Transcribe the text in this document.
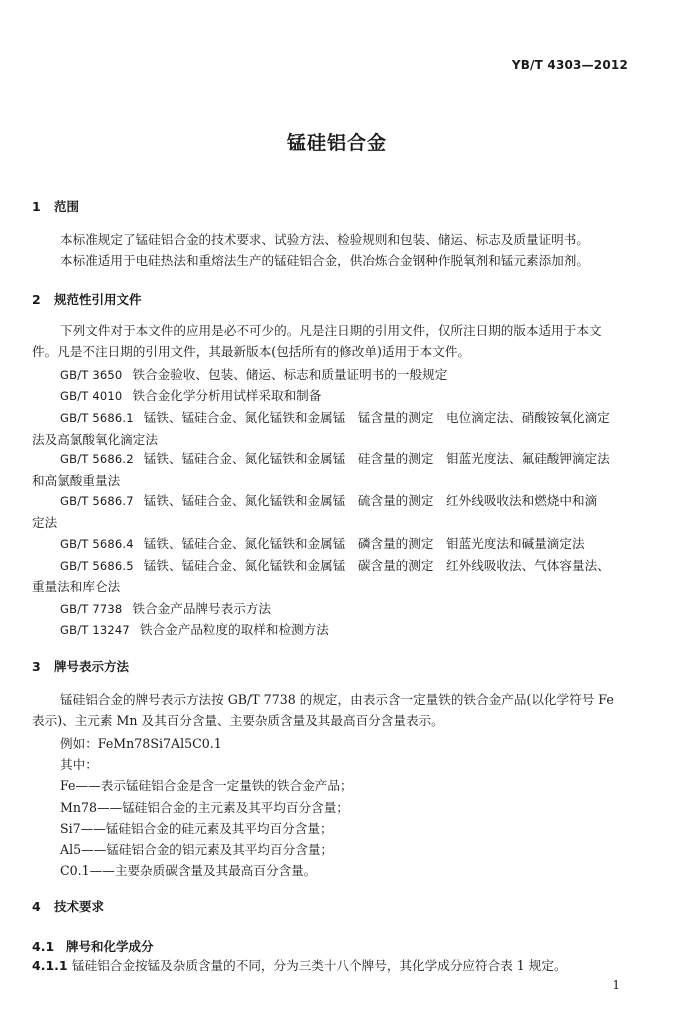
YB/T 4303—2012
锰硅铝合金
1 范围
本标准规定了锰硅铝合金的技术要求、试验方法、检验规则和包装、储运、标志及质量证明书。
本标准适用于电硅热法和重熔法生产的锰硅铝合金，供冶炼合金钢种作脱氧剂和锰元素添加剂。
2 规范性引用文件
下列文件对于本文件的应用是必不可少的。凡是注日期的引用文件，仅所注日期的版本适用于本文
件。凡是不注日期的引用文件，其最新版本(包括所有的修改单)适用于本文件。
GB/T 3650 铁合金验收、包装、储运、标志和质量证明书的一般规定
GB/T 4010 铁合金化学分析用试样采取和制备
GB/T 5686.1 锰铁、锰硅合金、氮化锰铁和金属锰　锰含量的测定　电位滴定法、硝酸铵氧化滴定
法及高氯酸氧化滴定法
GB/T 5686.2 锰铁、锰硅合金、氮化锰铁和金属锰　硅含量的测定　钼蓝光度法、氟硅酸钾滴定法
和高氯酸重量法
GB/T 5686.7 锰铁、锰硅合金、氮化锰铁和金属锰　硫含量的测定　红外线吸收法和燃烧中和滴
定法
GB/T 5686.4 锰铁、锰硅合金、氮化锰铁和金属锰　磷含量的测定　钼蓝光度法和碱量滴定法
GB/T 5686.5 锰铁、锰硅合金、氮化锰铁和金属锰　碳含量的测定　红外线吸收法、气体容量法、
重量法和库仑法
GB/T 7738 铁合金产品牌号表示方法
GB/T 13247 铁合金产品粒度的取样和检测方法
3 牌号表示方法
锰硅铝合金的牌号表示方法按 GB/T 7738 的规定，由表示含一定量铁的铁合金产品(以化学符号 Fe
表示)、主元素 Mn 及其百分含量、主要杂质含量及其最高百分含量表示。
例如：FeMn78Si7Al5C0.1
其中：
Fe——表示锰硅铝合金是含一定量铁的铁合金产品；
Mn78——锰硅铝合金的主元素及其平均百分含量；
Si7——锰硅铝合金的硅元素及其平均百分含量；
Al5——锰硅铝合金的铝元素及其平均百分含量；
C0.1——主要杂质碳含量及其最高百分含量。
4 技术要求
4.1 牌号和化学成分
4.1.1 锰硅铝合金按锰及杂质含量的不同，分为三类十八个牌号，其化学成分应符合表 1 规定。
1
